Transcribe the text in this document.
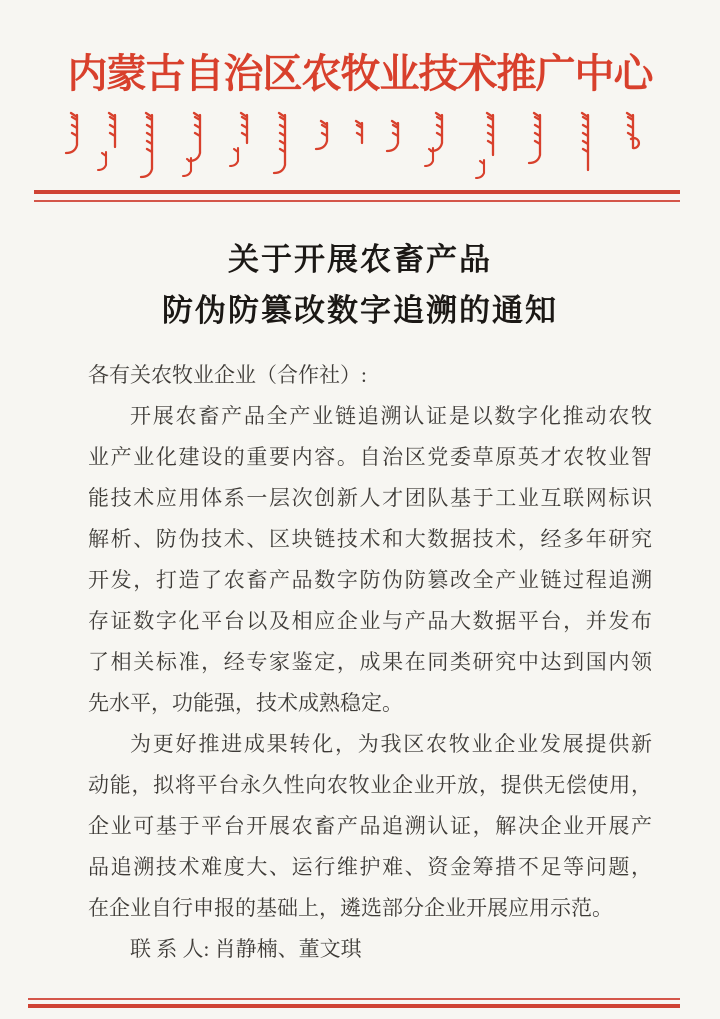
内蒙古自治区农牧业技术推广中心
关于开展农畜产品
防伪防篡改数字追溯的通知
各有关农牧业企业（合作社）:
开展农畜产品全产业链追溯认证是以数字化推动农牧
业产业化建设的重要内容。自治区党委草原英才农牧业智
能技术应用体系一层次创新人才团队基于工业互联网标识
解析、防伪技术、区块链技术和大数据技术，经多年研究
开发，打造了农畜产品数字防伪防篡改全产业链过程追溯
存证数字化平台以及相应企业与产品大数据平台，并发布
了相关标准，经专家鉴定，成果在同类研究中达到国内领
先水平，功能强，技术成熟稳定。
为更好推进成果转化，为我区农牧业企业发展提供新
动能，拟将平台永久性向农牧业企业开放，提供无偿使用，
企业可基于平台开展农畜产品追溯认证，解决企业开展产
品追溯技术难度大、运行维护难、资金筹措不足等问题，
在企业自行申报的基础上，遴选部分企业开展应用示范。
联 系 人: 肖静楠、董文琪
